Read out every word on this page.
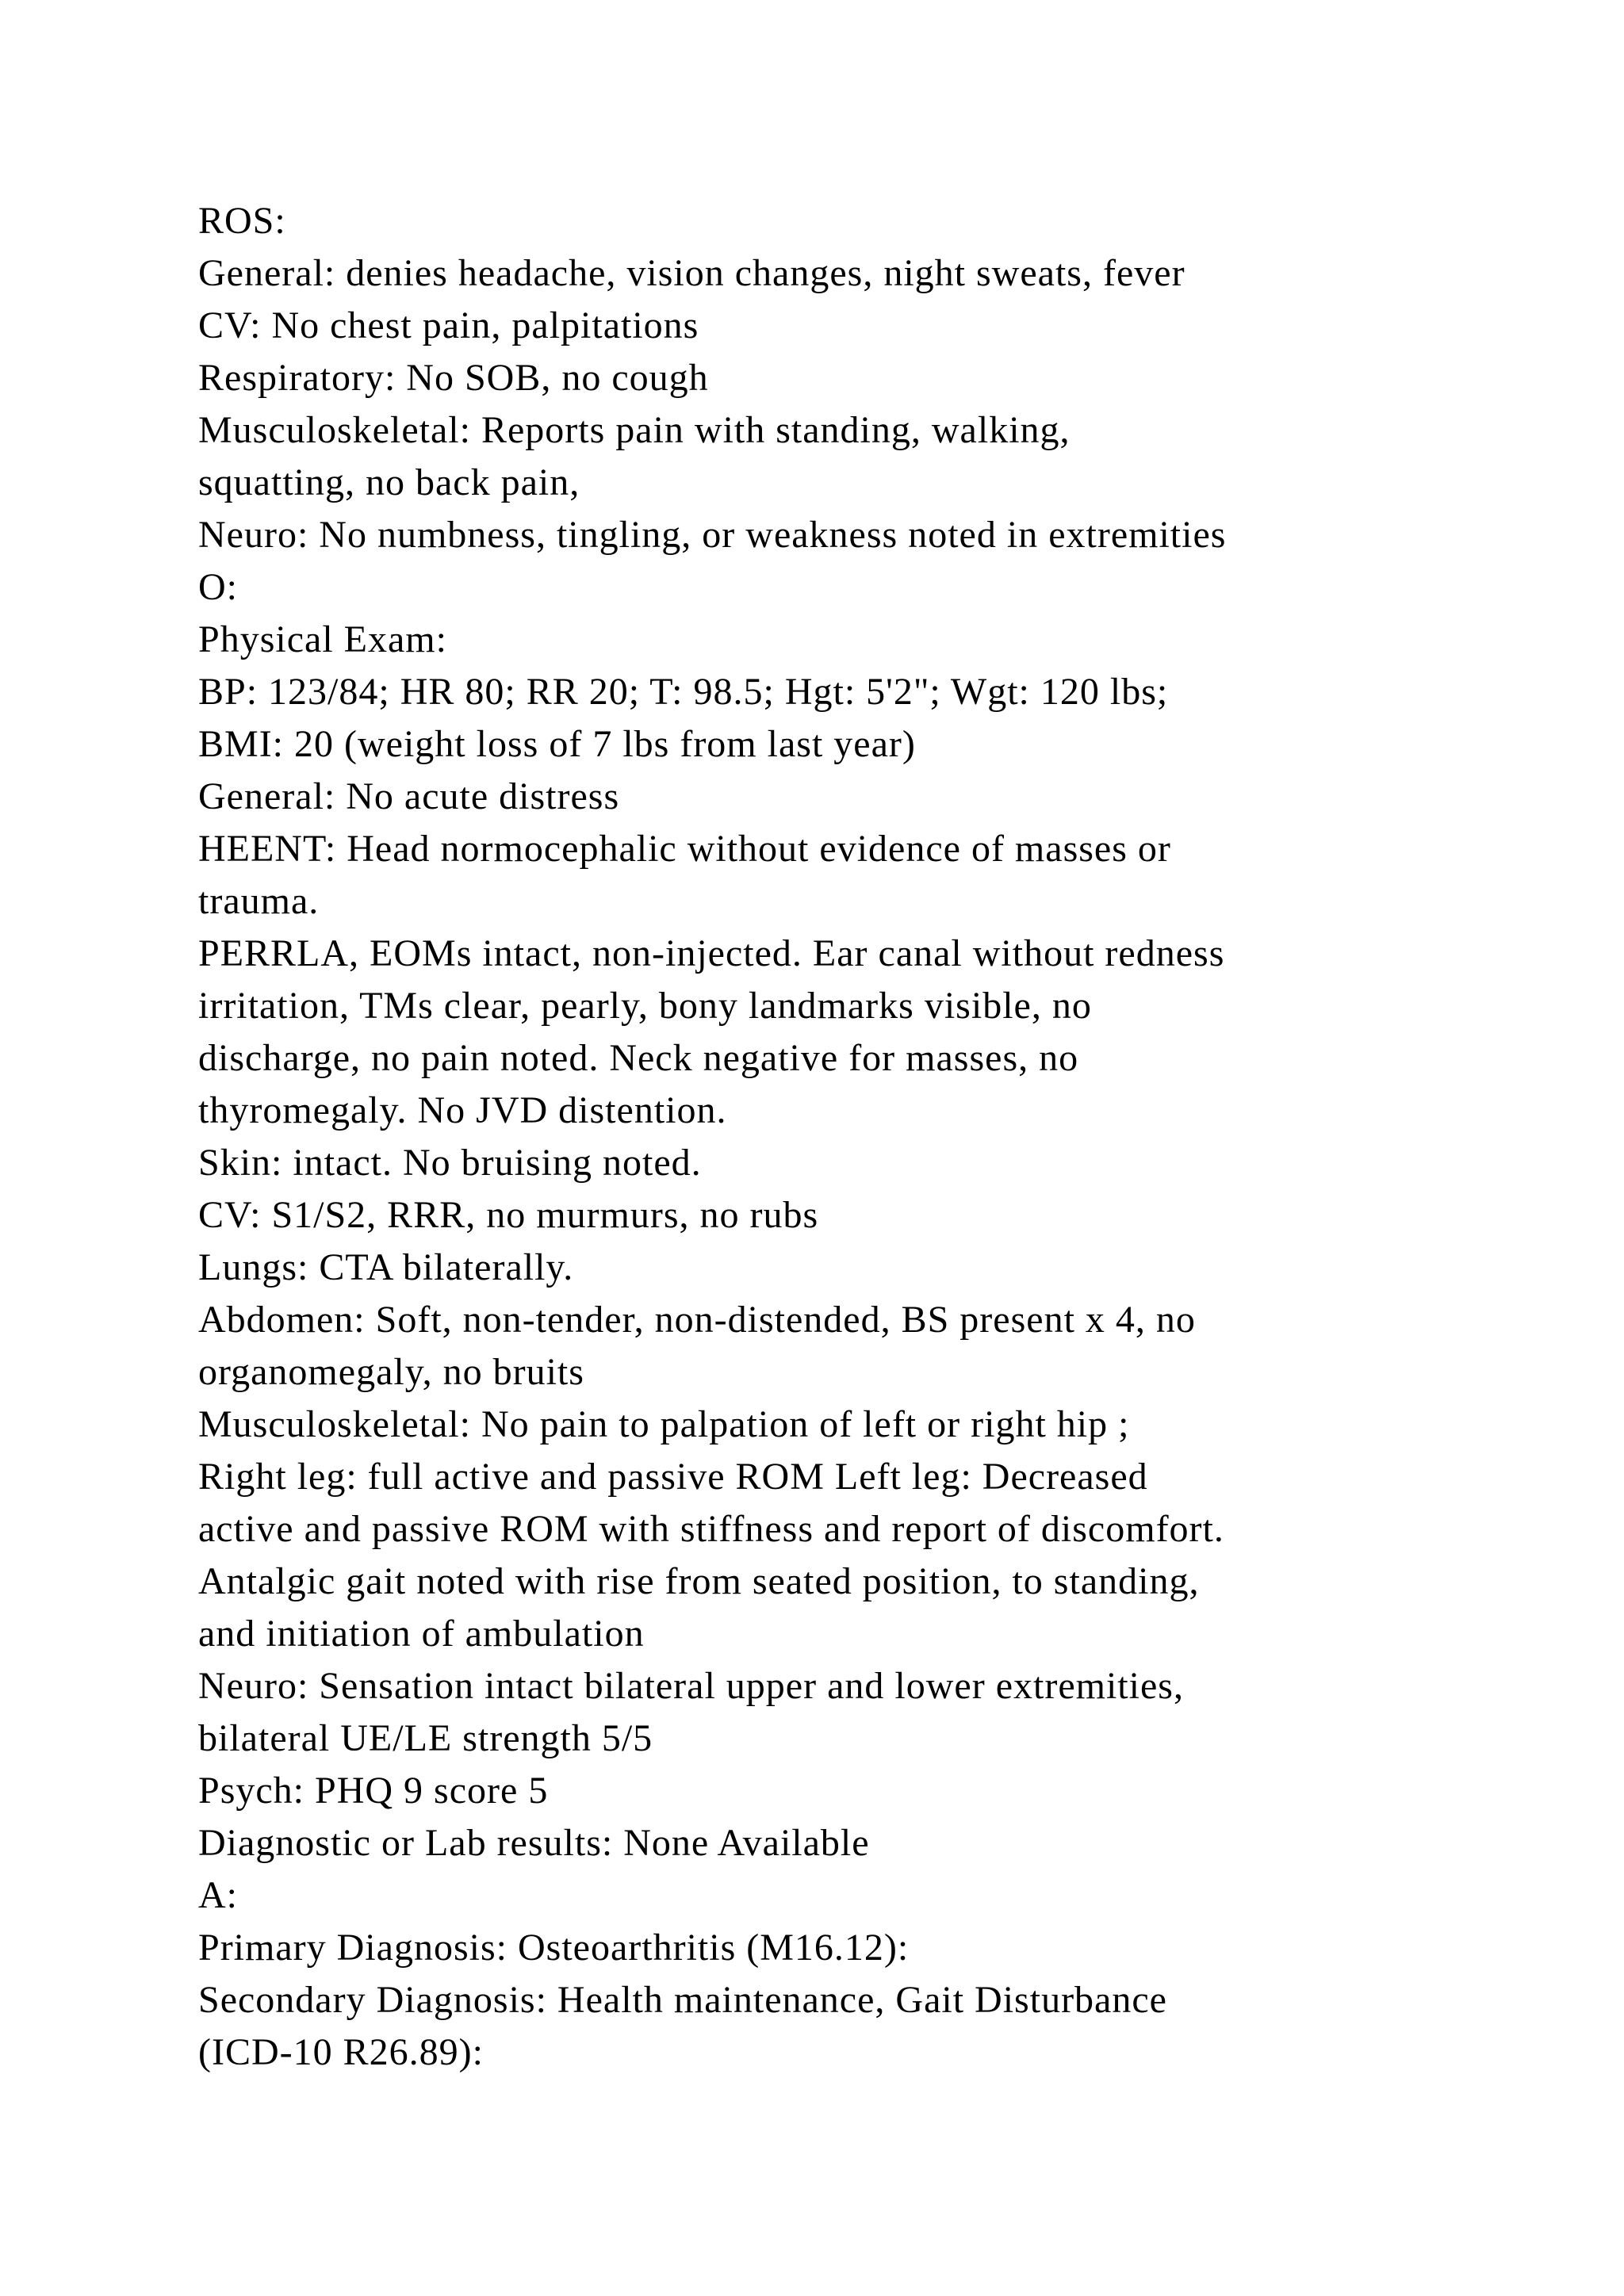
ROS:
General: denies headache, vision changes, night sweats, fever
CV: No chest pain, palpitations
Respiratory: No SOB, no cough
Musculoskeletal: Reports pain with standing, walking,
squatting, no back pain,
Neuro: No numbness, tingling, or weakness noted in extremities
O:
Physical Exam:
BP: 123/84; HR 80; RR 20; T: 98.5; Hgt: 5'2"; Wgt: 120 lbs;
BMI: 20 (weight loss of 7 lbs from last year)
General: No acute distress
HEENT: Head normocephalic without evidence of masses or
trauma.
PERRLA, EOMs intact, non-injected. Ear canal without redness
irritation, TMs clear, pearly, bony landmarks visible, no
discharge, no pain noted. Neck negative for masses, no
thyromegaly. No JVD distention.
Skin: intact. No bruising noted.
CV: S1/S2, RRR, no murmurs, no rubs
Lungs: CTA bilaterally.
Abdomen: Soft, non-tender, non-distended, BS present x 4, no
organomegaly, no bruits
Musculoskeletal: No pain to palpation of left or right hip ;
Right leg: full active and passive ROM Left leg: Decreased
active and passive ROM with stiffness and report of discomfort.
Antalgic gait noted with rise from seated position, to standing,
and initiation of ambulation
Neuro: Sensation intact bilateral upper and lower extremities,
bilateral UE/LE strength 5/5
Psych: PHQ 9 score 5
Diagnostic or Lab results: None Available
A:
Primary Diagnosis: Osteoarthritis (M16.12):
Secondary Diagnosis: Health maintenance, Gait Disturbance
(ICD-10 R26.89):
